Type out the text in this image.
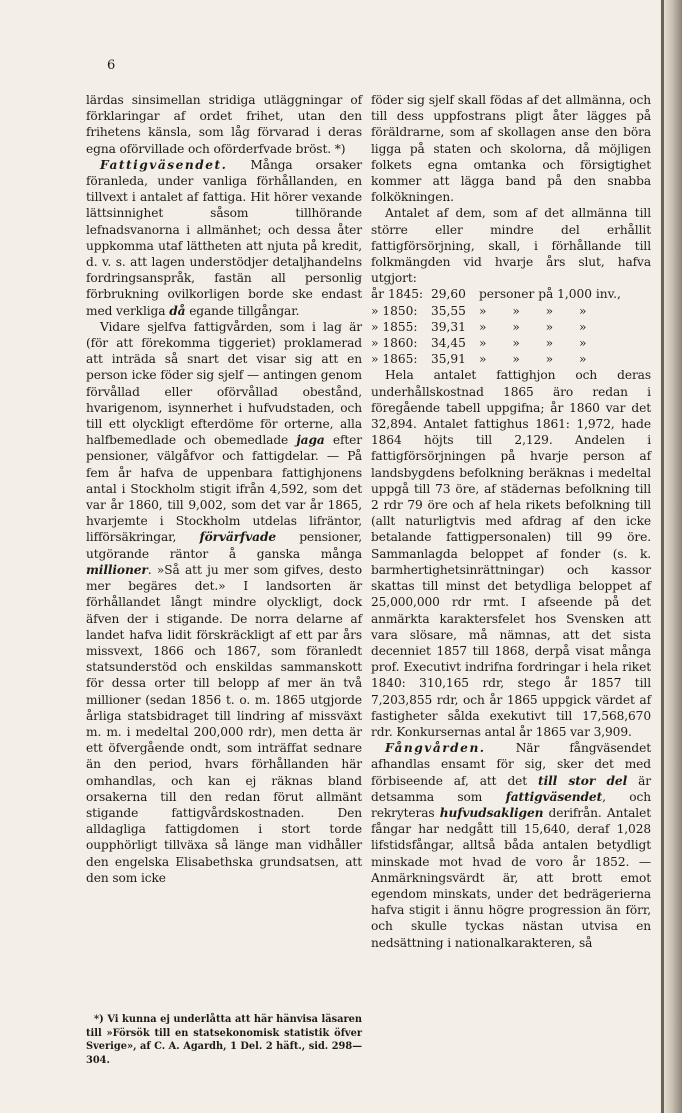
6

lärdas sinsimellan stridiga utläggningar of förklaringar af ordet frihet, utan den frihetens känsla, som låg förvarad i deras egna oförvillade och oförderfvade bröst. *)

Fattigväsendet. Många orsaker föranleda, under vanliga förhållanden, en tillvext i antalet af fattiga. Hit hörer vexande lättsinnighet såsom tillhörande lefnadsvanorna i allmänhet; och dessa åter uppkomma utaf lättheten att njuta på kredit, d. v. s. att lagen understödjer detaljhandelns fordringsanspråk, fastän all personlig förbrukning ovilkorligen borde ske endast med verkliga då egande tillgångar.

Vidare sjelfva fattigvården, som i lag är (för att förekomma tiggeriet) proklamerad att inträda så snart det visar sig att en person icke föder sig sjelf — antingen genom förvållad eller oförvållad obestånd, hvarigenom, isynnerhet i hufvudstaden, och till ett olyckligt efterdöme för orterne, alla halfbemedlade och obemedlade jaga efter pensioner, välgåfvor och fattigdelar. — På fem år hafva de uppenbara fattighjonens antal i Stockholm stigit ifrån 4,592, som det var år 1860, till 9,002, som det var år 1865, hvarjemte i Stockholm utdelas lifräntor, lifförsäkringar, förvärfvade pensioner, utgörande räntor å ganska många millioner. »Så att ju mer som gifves, desto mer begäres det.» I landsorten är förhållandet långt mindre olyckligt, dock äfven der i stigande. De norra delarne af landet hafva lidit förskräckligt af ett par års missvext, 1866 och 1867, som föranledt statsunderstöd och enskildas sammanskott för dessa orter till belopp af mer än två millioner (sedan 1856 t. o. m. 1865 utgjorde årliga statsbidraget till lindring af missväxt m. m. i medeltal 200,000 rdr), men detta är ett öfvergående ondt, som inträffat sednare än den period, hvars förhållanden här omhandlas, och kan ej räknas bland orsakerna till den redan förut allmänt stigande fattigvårdskostnaden. Den alldagliga fattigdomen i stort torde oupphörligt tillväxa så länge man vidhåller den engelska Elisabethska grundsatsen, att den som icke

*) Vi kunna ej underlåtta att här hänvisa läsaren till »Försök till en statsekonomisk statistik öfver Sverige», af C. A. Agardh, 1 Del. 2 häft., sid. 298—304.

föder sig sjelf skall födas af det allmänna, och till dess uppfostrans pligt åter lägges på föräldrarne, som af skollagen anse den böra ligga på staten och skolorna, då möjligen folkets egna omtanka och försigtighet kommer att lägga band på den snabba folkökningen.

Antalet af dem, som af det allmänna till större eller mindre del erhållit fattigförsörjning, skall, i förhållande till folkmängden vid hvarje års slut, hafva utgjort:

år 1845:	29,60	personer på 1,000 inv.,
» 1850:	35,55	» » » »
» 1855:	39,31	» » » »
» 1860:	34,45	» » » »
» 1865:	35,91	» » » »

Hela antalet fattighjon och deras underhållskostnad 1865 äro redan i föregående tabell uppgifna; år 1860 var det 32,894. Antalet fattighus 1861: 1,972, hade 1864 höjts till 2,129. Andelen i fattigförsörjningen på hvarje person af landsbygdens befolkning beräknas i medeltal uppgå till 73 öre, af städernas befolkning till 2 rdr 79 öre och af hela rikets befolkning till (allt naturligtvis med afdrag af den icke betalande fattigpersonalen) till 99 öre. Sammanlagda beloppet af fonder (s. k. barmhertighetsinrättningar) och kassor skattas till minst det betydliga beloppet af 25,000,000 rdr rmt. I afseende på det anmärkta karaktersfelet hos Svensken att vara slösare, må nämnas, att det sista decenniet 1857 till 1868, derpå visat många prof. Executivt indrifna fordringar i hela riket 1840: 310,165 rdr, stego år 1857 till 7,203,855 rdr, och år 1865 uppgick värdet af fastigheter sålda exekutivt till 17,568,670 rdr. Konkursernas antal år 1865 var 3,909.

Fångvården. När fångväsendet afhandlas ensamt för sig, sker det med förbiseende af, att det till stor del är detsamma som fattigväsendet, och rekryteras hufvudsakligen derifrån. Antalet fångar har nedgått till 15,640, deraf 1,028 lifstidsfångar, alltså båda antalen betydligt minskade mot hvad de voro år 1852. — Anmärkningsvärdt är, att brott emot egendom minskats, under det bedrägerierna hafva stigit i ännu högre progression än förr, och skulle tyckas nästan utvisa en nedsättning i nationalkarakteren, så
